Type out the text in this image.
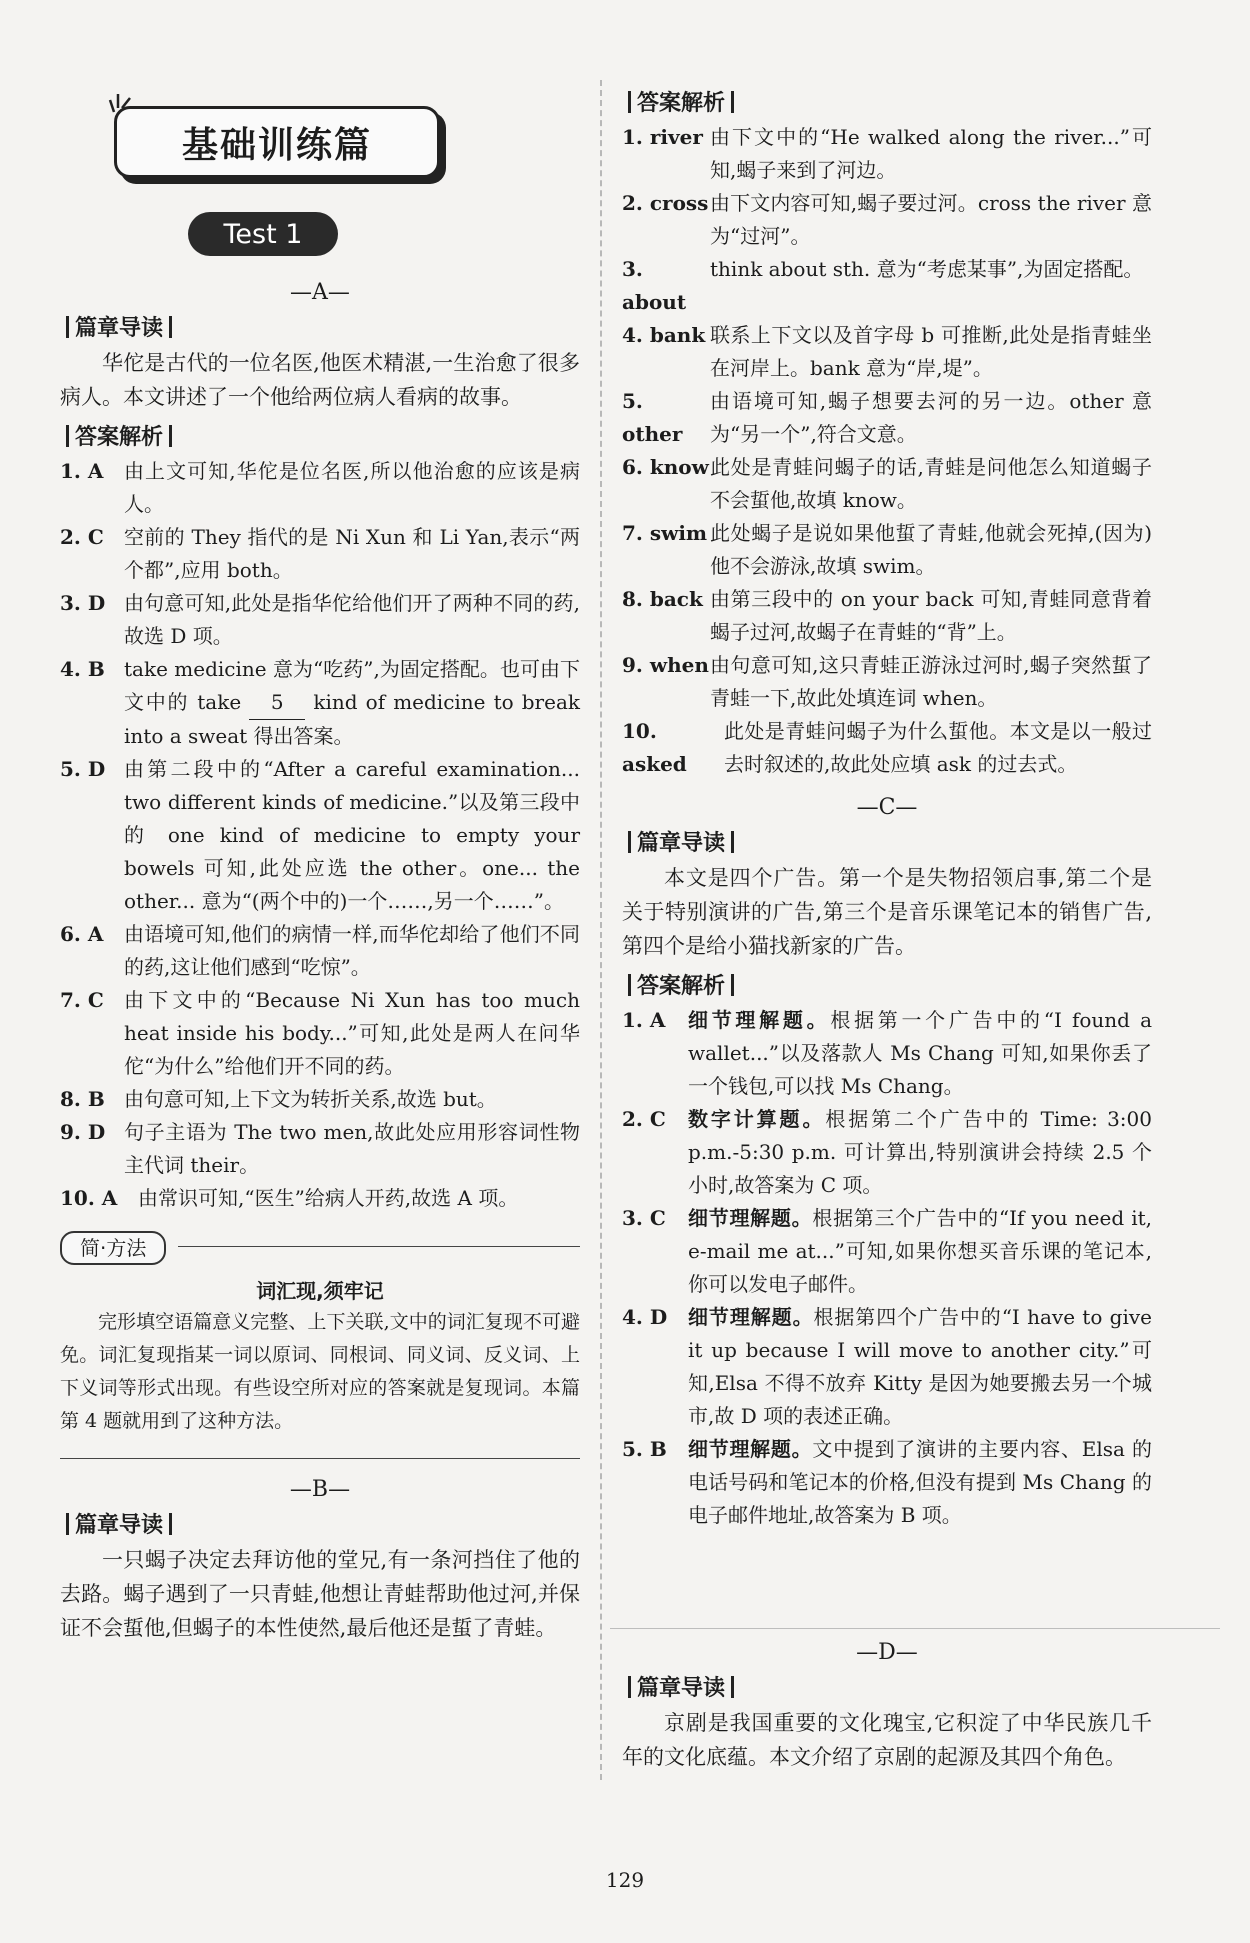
基础训练篇
Test 1
—A—
篇章导读

华佗是古代的一位名医,他医术精湛,一生治愈了很多病人。本文讲述了一个他给两位病人看病的故事。

答案解析
1. A	由上文可知,华佗是位名医,所以他治愈的应该是病人。
2. C	空前的 They 指代的是 Ni Xun 和 Li Yan,表示“两个都”,应用 both。
3. D 由句意可知,此处是指华佗给他们开了两种不同的药,故选 D 项。
4. B take medicine 意为“吃药”,为固定搭配。也可由下文中的 take 5 kind of medicine to break into a sweat 得出答案。
5. D 由第二段中的“After a careful examination... two different kinds of medicine.”以及第三段中的 one kind of medicine to empty your bowels 可知,此处应选 the other。one... the other... 意为“(两个中的)一个……,另一个……”。
6. A	由语境可知,他们的病情一样,而华佗却给了他们不同的药,这让他们感到“吃惊”。
7. C	由下文中的“Because Ni Xun has too much heat inside his body...”可知,此处是两人在问华佗“为什么”给他们开不同的药。
8. B 由句意可知,上下文为转折关系,故选 but。
9. D 句子主语为 The two men,故此处应用形容词性物主代词 their。
10. A	由常识可知,“医生”给病人开药,故选 A 项。
简·方法
词汇现,须牢记

完形填空语篇意义完整、上下关联,文中的词汇复现不可避免。词汇复现指某一词以原词、同根词、同义词、反义词、上下义词等形式出现。有些设空所对应的答案就是复现词。本篇第 4 题就用到了这种方法。

—B—
篇章导读

一只蝎子决定去拜访他的堂兄,有一条河挡住了他的去路。蝎子遇到了一只青蛙,他想让青蛙帮助他过河,并保证不会蜇他,但蝎子的本性使然,最后他还是蜇了青蛙。

答案解析
1. river 由下文中的“He walked along the river...”可知,蝎子来到了河边。
2. cross 由下文内容可知,蝎子要过河。cross the river 意为“过河”。
3. about
think about sth. 意为“考虑某事”,为固定搭配。
4. bank 联系上下文以及首字母 b 可推断,此处是指青蛙坐在河岸上。bank 意为“岸,堤”。
5. other
由语境可知,蝎子想要去河的另一边。other 意为“另一个”,符合文意。
6. know 此处是青蛙问蝎子的话,青蛙是问他怎么知道蝎子不会蜇他,故填 know。
7. swim 此处蝎子是说如果他蜇了青蛙,他就会死掉,(因为)他不会游泳,故填 swim。
8. back 由第三段中的 on your back 可知,青蛙同意背着蝎子过河,故蝎子在青蛙的“背”上。
9. when 由句意可知,这只青蛙正游泳过河时,蝎子突然蜇了青蛙一下,故此处填连词 when。
10. asked
此处是青蛙问蝎子为什么蜇他。本文是以一般过去时叙述的,故此处应填 ask 的过去式。
—C—
篇章导读

本文是四个广告。第一个是失物招领启事,第二个是关于特别演讲的广告,第三个是音乐课笔记本的销售广告,第四个是给小猫找新家的广告。

答案解析
1. A	细节理解题。根据第一个广告中的“I found a wallet...”以及落款人 Ms Chang 可知,如果你丢了一个钱包,可以找 Ms Chang。
2. C	数字计算题。根据第二个广告中的 Time: 3:00 p.m.-5:30 p.m. 可计算出,特别演讲会持续 2.5 个小时,故答案为 C 项。
3. C	细节理解题。根据第三个广告中的“If you need it, e-mail me at...”可知,如果你想买音乐课的笔记本,你可以发电子邮件。
4. D	细节理解题。根据第四个广告中的“I have to give it up because I will move to another city.”可知,Elsa 不得不放弃 Kitty 是因为她要搬去另一个城市,故 D 项的表述正确。
5. B	细节理解题。文中提到了演讲的主要内容、Elsa 的电话号码和笔记本的价格,但没有提到 Ms Chang 的电子邮件地址,故答案为 B 项。
—D—
篇章导读

京剧是我国重要的文化瑰宝,它积淀了中华民族几千年的文化底蕴。本文介绍了京剧的起源及其四个角色。

129
